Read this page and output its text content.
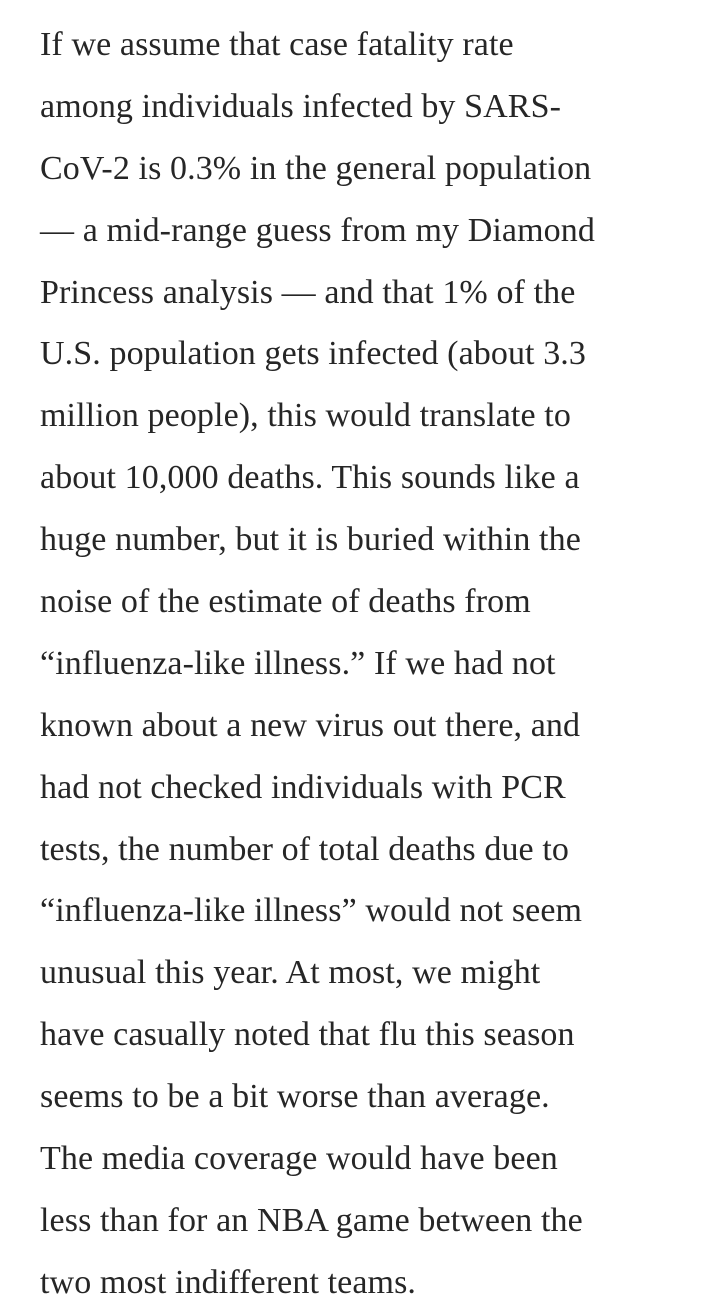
If we assume that case fatality rate
among individuals infected by SARS-
CoV-2 is 0.3% in the general population
— a mid-range guess from my Diamond
Princess analysis — and that 1% of the
U.S. population gets infected (about 3.3
million people), this would translate to
about 10,000 deaths. This sounds like a
huge number, but it is buried within the
noise of the estimate of deaths from
“influenza-like illness.” If we had not
known about a new virus out there, and
had not checked individuals with PCR
tests, the number of total deaths due to
“influenza-like illness” would not seem
unusual this year. At most, we might
have casually noted that flu this season
seems to be a bit worse than average.
The media coverage would have been
less than for an NBA game between the
two most indifferent teams.
